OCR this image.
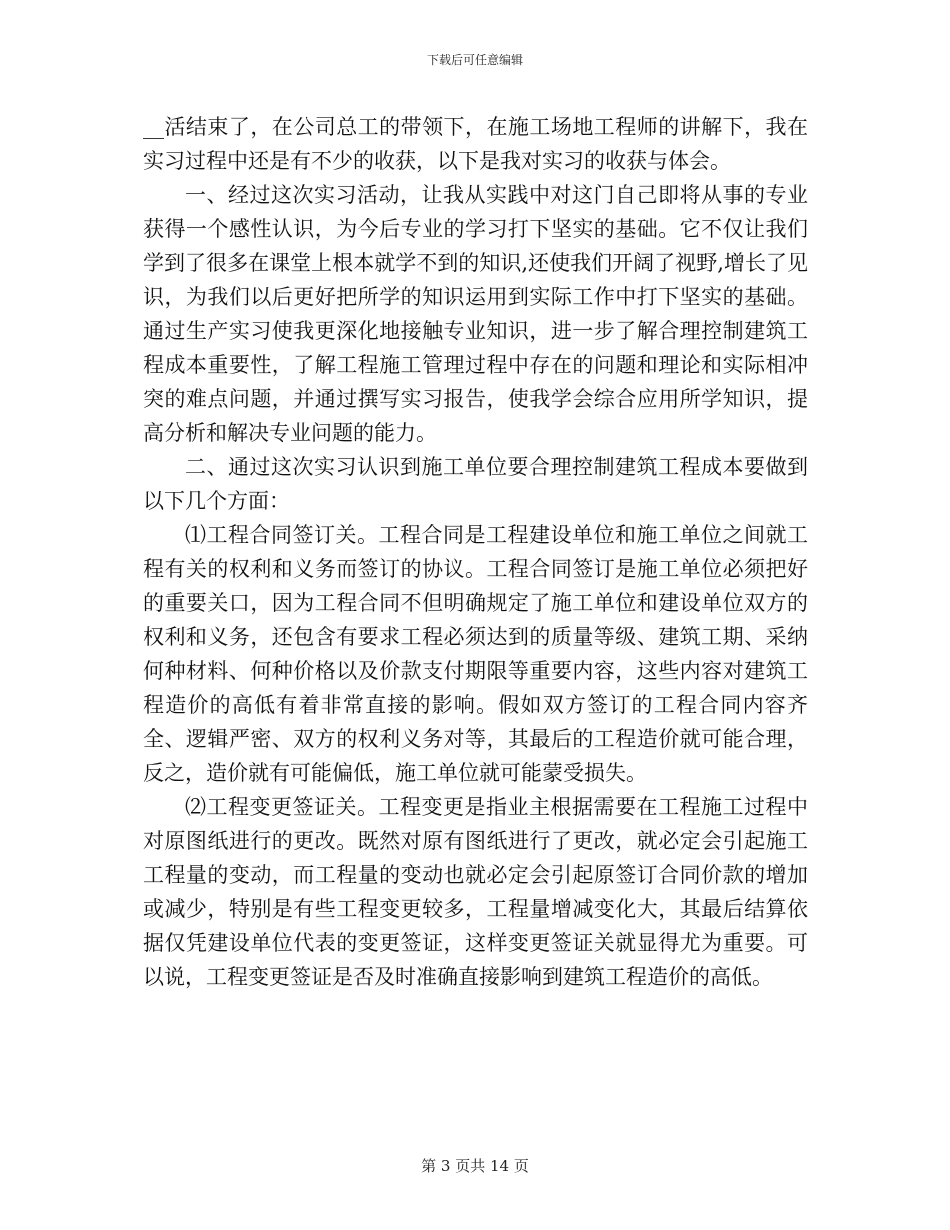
下载后可任意编辑

__活结束了，在公司总工的带领下，在施工场地工程师的讲解下，我在实习过程中还是有不少的收获，以下是我对实习的收获与体会。

一、经过这次实习活动，让我从实践中对这门自己即将从事的专业获得一个感性认识，为今后专业的学习打下坚实的基础。它不仅让我们学到了很多在课堂上根本就学不到的知识,还使我们开阔了视野,增长了见识，为我们以后更好把所学的知识运用到实际工作中打下坚实的基础。通过生产实习使我更深化地接触专业知识，进一步了解合理控制建筑工程成本重要性，了解工程施工管理过程中存在的问题和理论和实际相冲突的难点问题，并通过撰写实习报告，使我学会综合应用所学知识，提高分析和解决专业问题的能力。

二、通过这次实习认识到施工单位要合理控制建筑工程成本要做到以下几个方面：

⑴工程合同签订关。工程合同是工程建设单位和施工单位之间就工程有关的权利和义务而签订的协议。工程合同签订是施工单位必须把好的重要关口，因为工程合同不但明确规定了施工单位和建设单位双方的权利和义务，还包含有要求工程必须达到的质量等级、建筑工期、采纳何种材料、何种价格以及价款支付期限等重要内容，这些内容对建筑工程造价的高低有着非常直接的影响。假如双方签订的工程合同内容齐全、逻辑严密、双方的权利义务对等，其最后的工程造价就可能合理，反之，造价就有可能偏低，施工单位就可能蒙受损失。

⑵工程变更签证关。工程变更是指业主根据需要在工程施工过程中对原图纸进行的更改。既然对原有图纸进行了更改，就必定会引起施工工程量的变动，而工程量的变动也就必定会引起原签订合同价款的增加或减少，特别是有些工程变更较多，工程量增减变化大，其最后结算依据仅凭建设单位代表的变更签证，这样变更签证关就显得尤为重要。可以说，工程变更签证是否及时准确直接影响到建筑工程造价的高低。

第 3 页共 14 页
